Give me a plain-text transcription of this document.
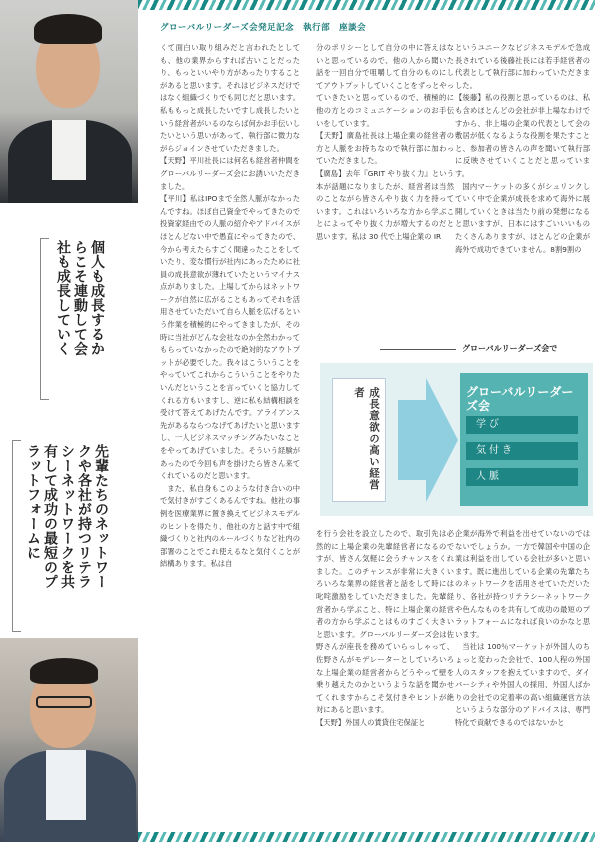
個人も成長するからこそ連動して会社も成長していく
先輩たちのネットワークや各社が持つリテラシーネットワークを共有して成功の最短のプラットフォームに
グローバルリーダーズ会発足記念　執行部　座談会

くて面白い取り組みだと言われたとしても、他の業界からすれば古いことだったり、もっといいやり方があったりすることがあると思います。それはビジネスだけではなく組織づくりでも同じだと思います。私ももっと成長したいですし成長したいという経営者がいるのならば何かお手伝いしたいという思いがあって、執行部に微力ながらジョインさせていただきました。

【天野】平川社長には何名も経営者仲間をグローバルリーダーズ会にお誘いいただきました。

【平川】私はIPOまで全然人脈がなかったんですね。ほぼ自己資金でやってきたので投資家経由での人脈の紹介やアドバイスがほとんどない中で愚直にやってきたので、今から考えたらすごく間違ったことをしていたり、変な慣行が社内にあったために社員の成長意欲が薄れていたというマイナス点がありました。上場してからはネットワークが自然に広がることもあってそれを活用させていただいて自ら人脈を広げるという作業を積極的にやってきましたが、その時に当社がどんな会社なのか全然わかってもらっていなかったので絶対的なアウトプットが必要でした。我々はこういうことをやっていてこれからこういうことをやりたいんだということを言っていくと協力してくれる方もいますし、逆に私も結構相談を受けて答えてあげたんです。アライアンス先があるならつなげてあげたいと思いますし、一人ビジネスマッチングみたいなことをやってあげていました。そういう経験があったので今回も声を掛けたら皆さん来てくれているのだと思います。

また、私自身もこのような付き合いの中で気付きがすごくあるんですね。他社の事例を医療業界に置き換えてビジネスモデルのヒントを得たり、他社の方と話す中で組織づくりと社内のルールづくりなど社内の部署のことでこれ使えるなと気付くことが結構あります。私は自

分のポリシーとして自分の中に答えはないと思っているので、他の人から聞いた話を一回自分で咀嚼して自分のものにしてアウトプットしていくことをずっとやっていきたいと思っているので、積極的に他の方とのコミュニケーションのお手伝いをしています。

【天野】廣島社長は上場企業の経営者の方と人脈をお持ちなので執行部に加わっていただきました。

【廣島】去年『GRIT やり抜く力』という本が話題になりましたが、経営者は当然のことながら皆さんやり抜く力を持っています。これはいろいろな方から学ぶことによってやり抜く力が増大するのだと思います。私は 30 代で上場企業の IR

というユニークなビジネスモデルで急成長されている後藤社長には若手経営者の代表として執行部に加わっていただきました。

【後藤】私の役割と思っているのは、私も含めほとんどの会社が非上場なわけですから、非上場の企業の代表として会の敷居が低くなるような役割を果たすことと、参加者の皆さんの声を聞いて執行部に反映させていくことだと思っています。

国内マーケットの多くがシュリンクしていく中で企業が成長を求めて海外に展開していくときは当たり前の発想になると思いますが、日本にはすごいいいものたくさんありますが、ほとんどの企業が海外で成功できていません。8割9割の

を行う会社を設立したので、取引先は必然的に上場企業の先輩経営者になるのですが、皆さん気軽に会うチャンスをくれました。このチャンスが非常に大きくいろいろな業界の経営者と話をして時には叱咤激励をしていただきました。先輩経営者から学ぶこと、特に上場企業の経営者の方から学ぶことはものすごく大きいと思います。グローバルリーダーズ会は佐野さんが座長を務めていらっしゃって、佐野さんがモデレーターとしていろいろな上場企業の経営者からどうやって壁を乗り越えたのかというような話を聞かせてくれますからこそ気付きやヒントが絶対にあると思います。

【天野】外国人の賃貸住宅保証と

企業が海外で利益を出せていないのではないでしょうか。一方で韓国や中国の企業は利益を出している会社が多いと思います。既に進出している企業の先輩たちのネットワークを活用させていただいたり、各社が持つリテラシーネットワークや色んなものを共有して成功の最短のプラットフォームになれば良いのかなと思います。

当社は 100％マーケットが外国人のちょっと変わった会社で、100人程の外国人のスタッフを抱えていますので、ダイバーシティや外国人の採用、外国人ばかりの会社での定着率の高い組織運営方法というような部分のアドバイスは、専門特化で貢献できるのではないかと

グローバルリーダーズ会で
成長意欲の高い経営者	グローバルリーダーズ会
学び
気付き
人脈
